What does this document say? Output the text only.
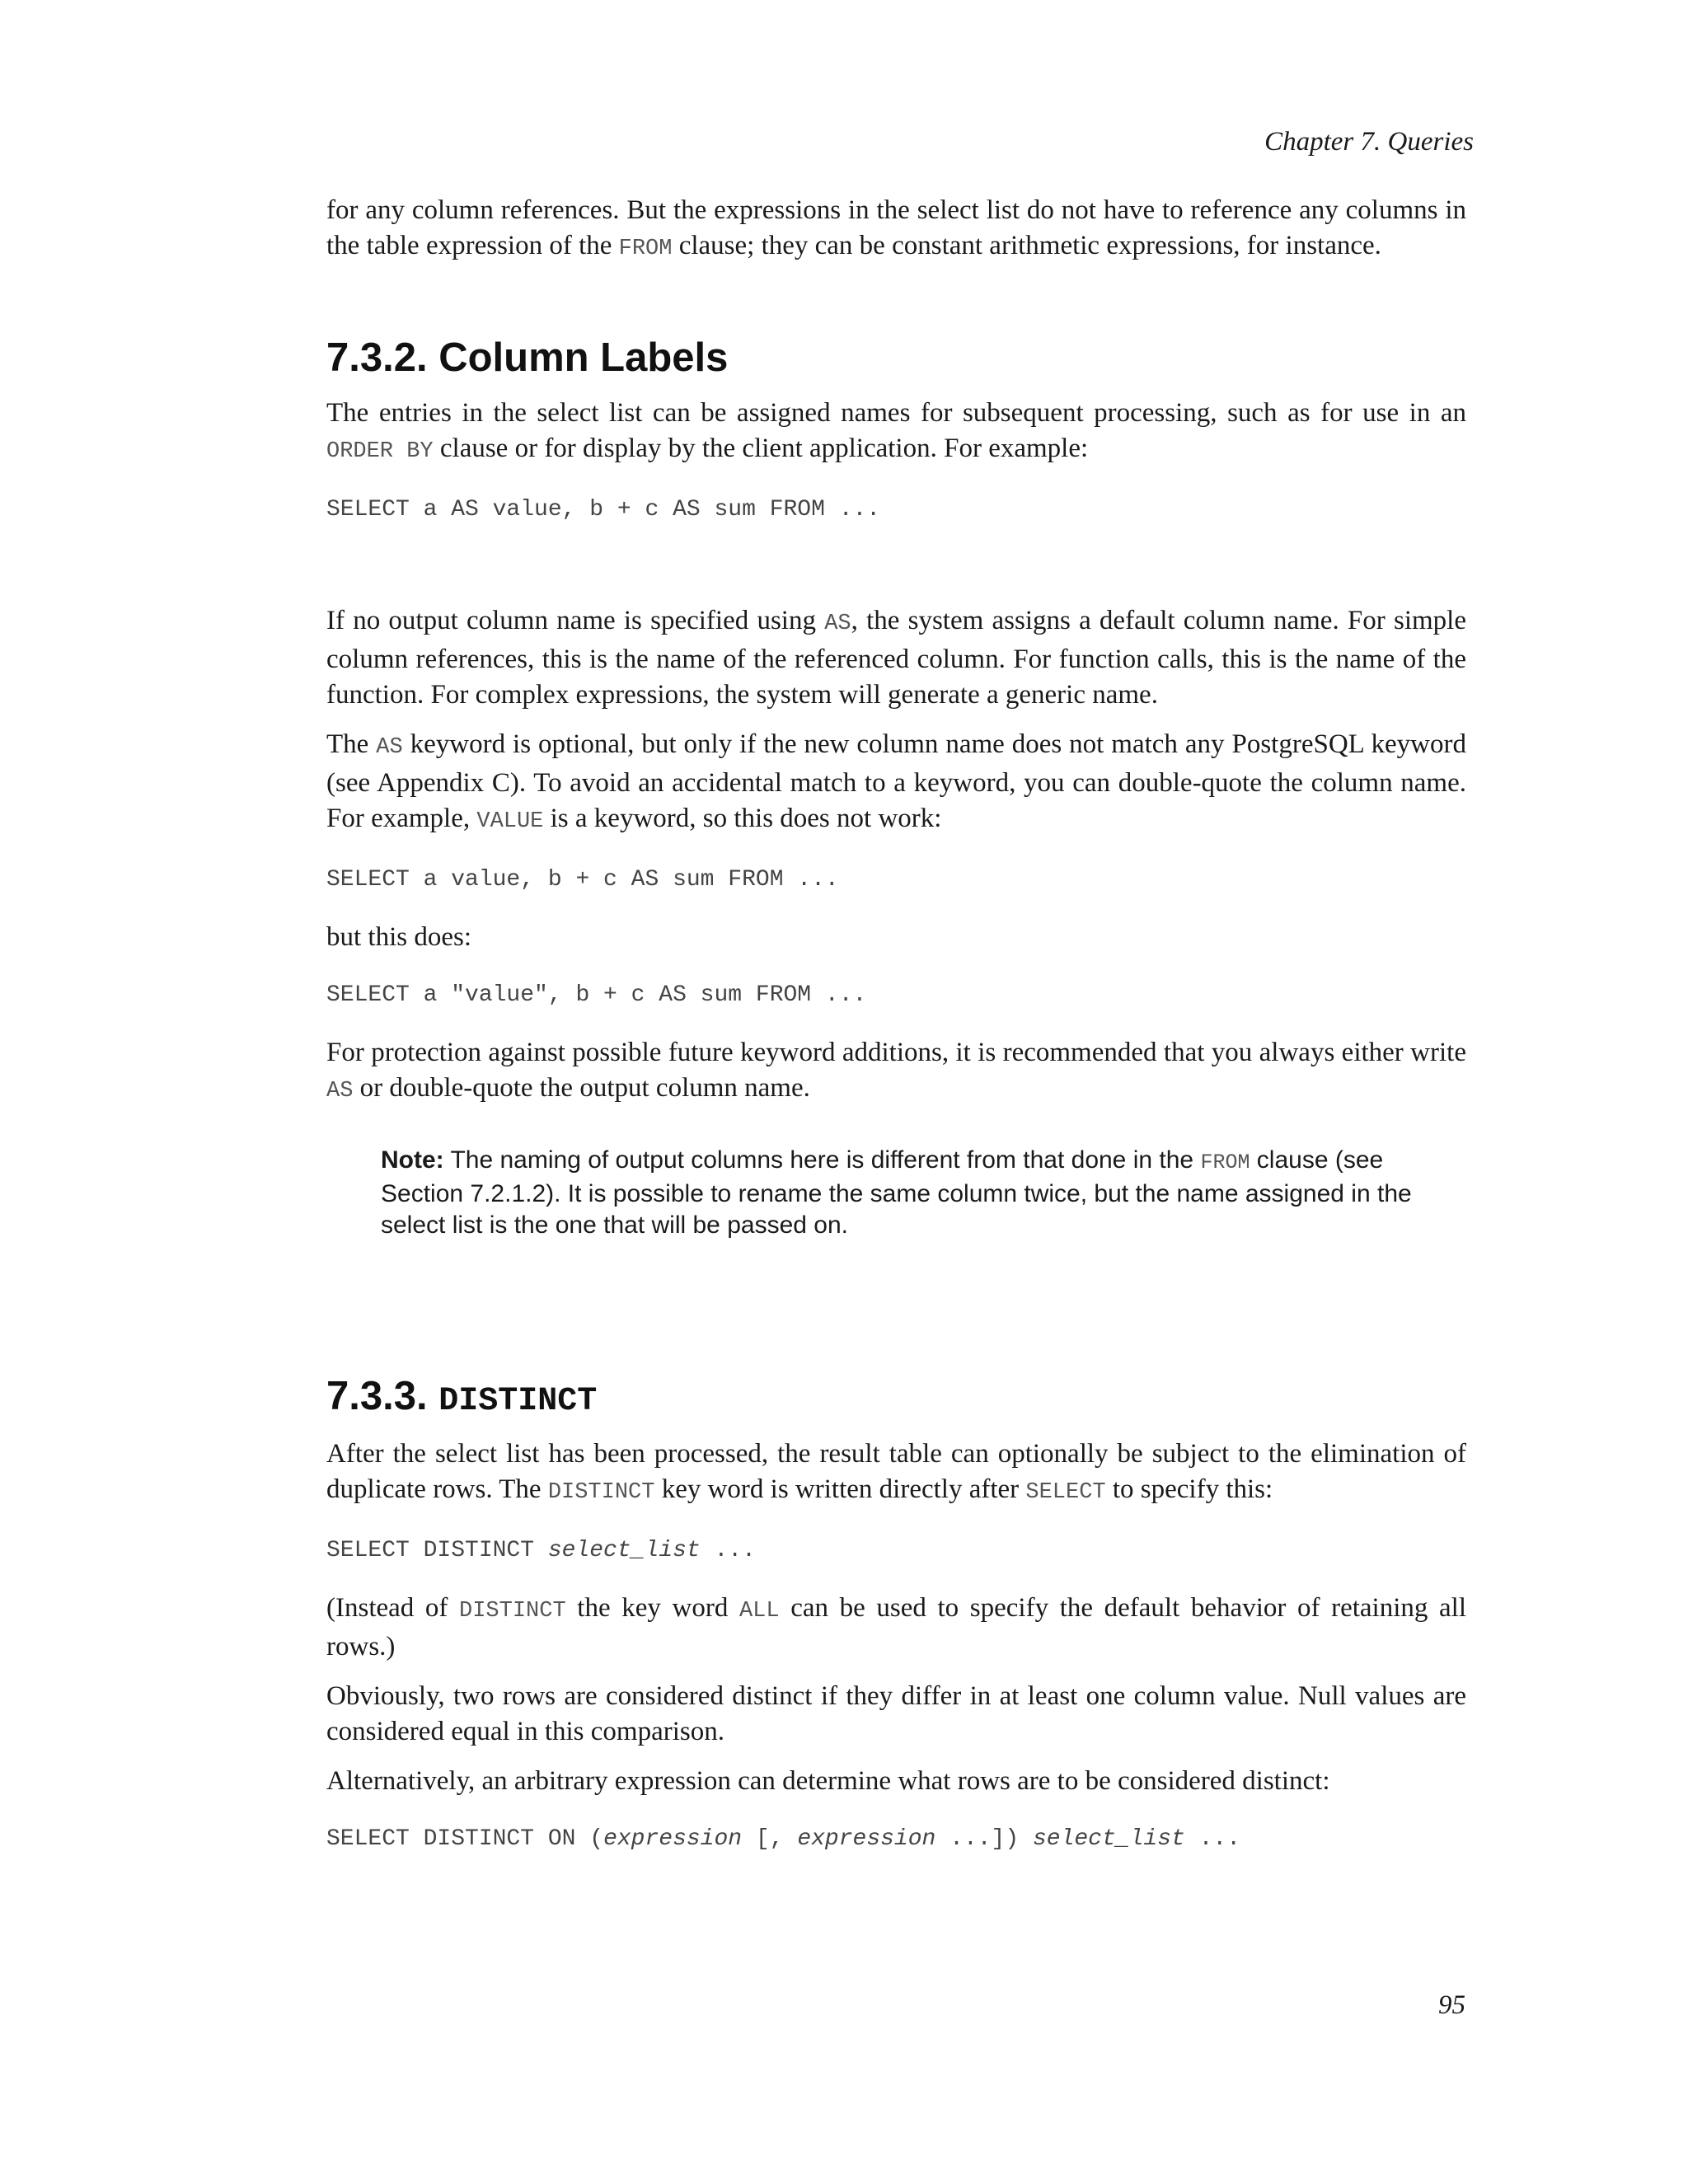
Chapter 7. Queries

for any column references. But the expressions in the select list do not have to reference any columns in the table expression of the FROM clause; they can be constant arithmetic expressions, for instance.

7.3.2. Column Labels

The entries in the select list can be assigned names for subsequent processing, such as for use in an ORDER BY clause or for display by the client application. For example:

SELECT a AS value, b + c AS sum FROM ...

If no output column name is specified using AS, the system assigns a default column name. For simple column references, this is the name of the referenced column. For function calls, this is the name of the function. For complex expressions, the system will generate a generic name.

The AS keyword is optional, but only if the new column name does not match any PostgreSQL keyword (see Appendix C). To avoid an accidental match to a keyword, you can double-quote the column name. For example, VALUE is a keyword, so this does not work:

SELECT a value, b + c AS sum FROM ...

but this does:

SELECT a "value", b + c AS sum FROM ...

For protection against possible future keyword additions, it is recommended that you always either write AS or double-quote the output column name.

Note: The naming of output columns here is different from that done in the FROM clause (see Section 7.2.1.2). It is possible to rename the same column twice, but the name assigned in the select list is the one that will be passed on.
7.3.3. DISTINCT

After the select list has been processed, the result table can optionally be subject to the elimination of duplicate rows. The DISTINCT key word is written directly after SELECT to specify this:

SELECT DISTINCT select_list ...

(Instead of DISTINCT the key word ALL can be used to specify the default behavior of retaining all rows.)

Obviously, two rows are considered distinct if they differ in at least one column value. Null values are considered equal in this comparison.

Alternatively, an arbitrary expression can determine what rows are to be considered distinct:

SELECT DISTINCT ON (expression [, expression ...]) select_list ...
95
